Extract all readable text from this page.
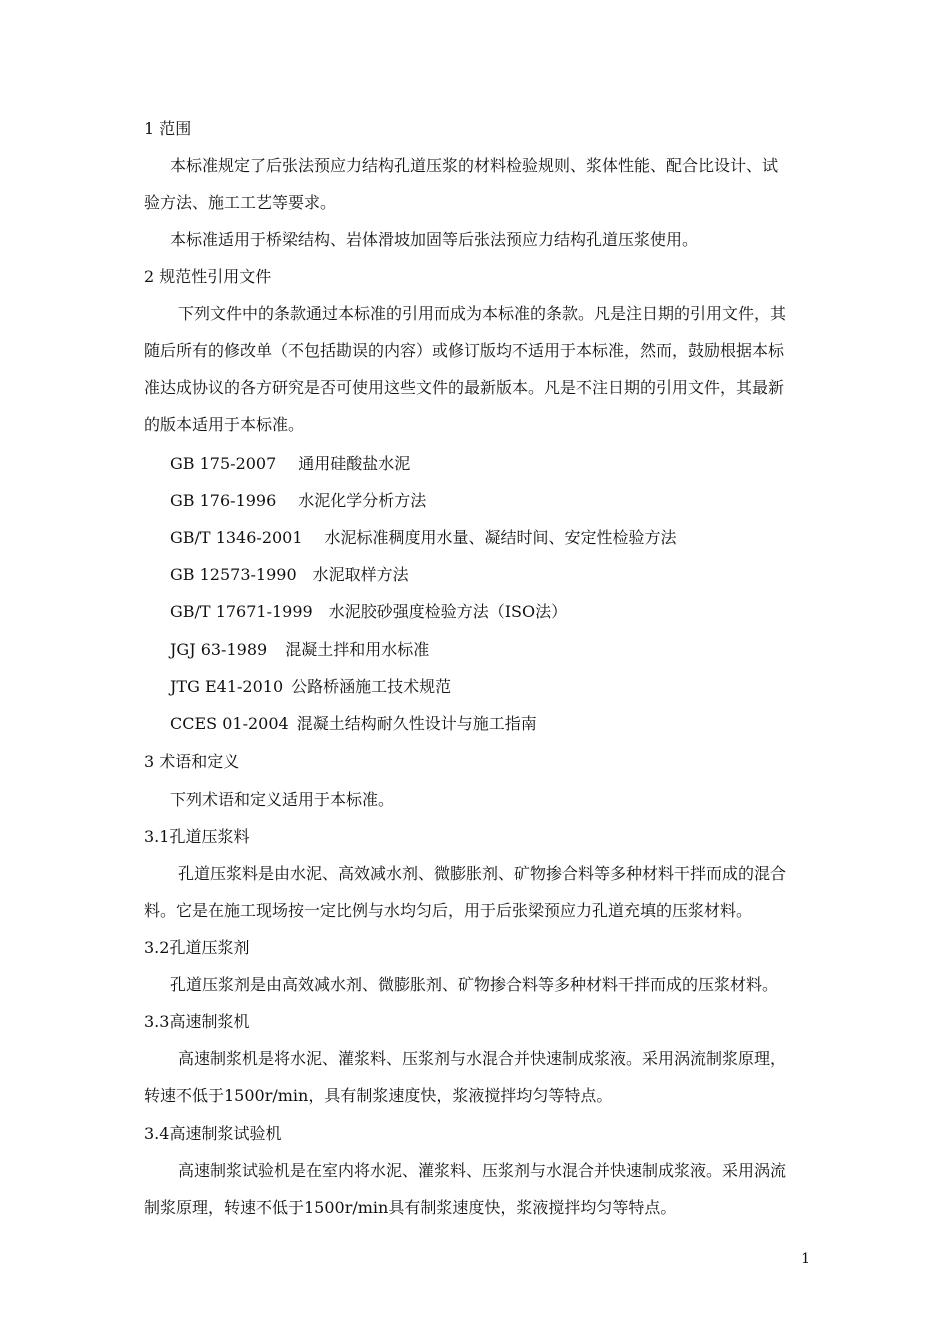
1 范围
本标准规定了后张法预应力结构孔道压浆的材料检验规则、浆体性能、配合比设计、试
验方法、施工工艺等要求。
本标准适用于桥梁结构、岩体滑坡加固等后张法预应力结构孔道压浆使用。
2 规范性引用文件
下列文件中的条款通过本标准的引用而成为本标准的条款。凡是注日期的引用文件，其
随后所有的修改单（不包括勘误的内容）或修订版均不适用于本标准，然而，鼓励根据本标
准达成协议的各方研究是否可使用这些文件的最新版本。凡是不注日期的引用文件，其最新
的版本适用于本标准。
GB 175-2007 通用硅酸盐水泥
GB 176-1996 水泥化学分析方法
GB/T 1346-2001 水泥标准稠度用水量、凝结时间、安定性检验方法
GB 12573-1990 水泥取样方法
GB/T 17671-1999 水泥胶砂强度检验方法（ISO法）
JGJ 63-1989 混凝土拌和用水标准
JTG E41-2010 公路桥涵施工技术规范
CCES 01-2004 混凝土结构耐久性设计与施工指南
3 术语和定义
下列术语和定义适用于本标准。
3.1孔道压浆料
孔道压浆料是由水泥、高效减水剂、微膨胀剂、矿物掺合料等多种材料干拌而成的混合
料。它是在施工现场按一定比例与水均匀后，用于后张梁预应力孔道充填的压浆材料。
3.2孔道压浆剂
孔道压浆剂是由高效减水剂、微膨胀剂、矿物掺合料等多种材料干拌而成的压浆材料。
3.3高速制浆机
高速制浆机是将水泥、灌浆料、压浆剂与水混合并快速制成浆液。采用涡流制浆原理，
转速不低于1500r/min，具有制浆速度快，浆液搅拌均匀等特点。
3.4高速制浆试验机
高速制浆试验机是在室内将水泥、灌浆料、压浆剂与水混合并快速制成浆液。采用涡流
制浆原理，转速不低于1500r/min具有制浆速度快，浆液搅拌均匀等特点。
1
